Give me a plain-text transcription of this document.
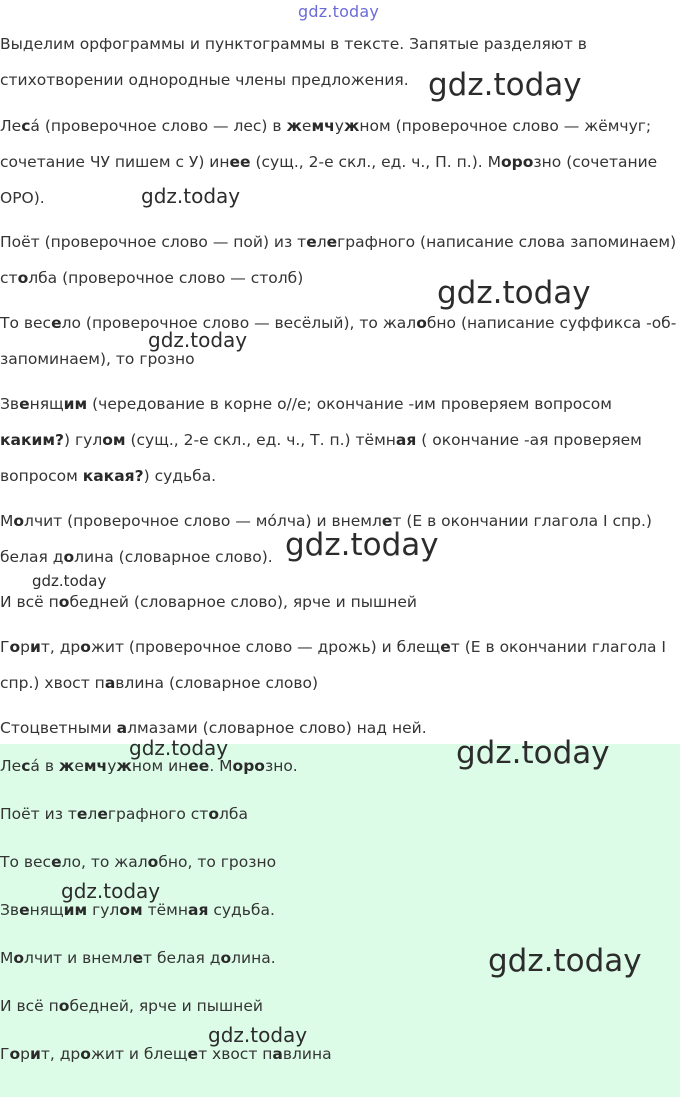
gdz.today

Выделим орфограммы и пунктограммы в тексте. Запятые разделяют в стихотворении однородные члены предложения.

Леса́ (проверочное слово — лес) в жемчужном (проверочное слово — жёмчуг; сочетание ЧУ пишем с У) инее (сущ., 2-е скл., ед. ч., П. п.). Морозно (сочетание ОРО).
Поёт (проверочное слово — пой) из телеграфного (написание слова запоминаем) столба (проверочное слово — столб)
То весело (проверочное слово — весёлый), то жалобно (написание суффикса -об- запоминаем), то грозно
Звенящим (чередование в корне о//е; окончание -им проверяем вопросом каким?) гулом (сущ., 2-е скл., ед. ч., Т. п.) тёмная ( окончание -ая проверяем вопросом какая?) судьба.
Молчит (проверочное слово — мо́лча) и внемлет (Е в окончании глагола I спр.) белая долина (словарное слово).
И всё победней (словарное слово), ярче и пышней
Горит, дрожит (проверочное слово — дрожь) и блещет (Е в окончании глагола I спр.) хвост павлина (словарное слово)
Стоцветными алмазами (словарное слово) над ней.
Леса́ в жемчужном инее. Морозно.
Поёт из телеграфного столба
То весело, то жалобно, то грозно
Звенящим гулом тёмная судьба.
Молчит и внемлет белая долина.
И всё победней, ярче и пышней
Горит, дрожит и блещет хвост павлина
gdz.today
gdz.today
gdz.today
gdz.today
gdz.today
gdz.today
gdz.today	gdz.today
gdz.today
gdz.today
gdz.today
